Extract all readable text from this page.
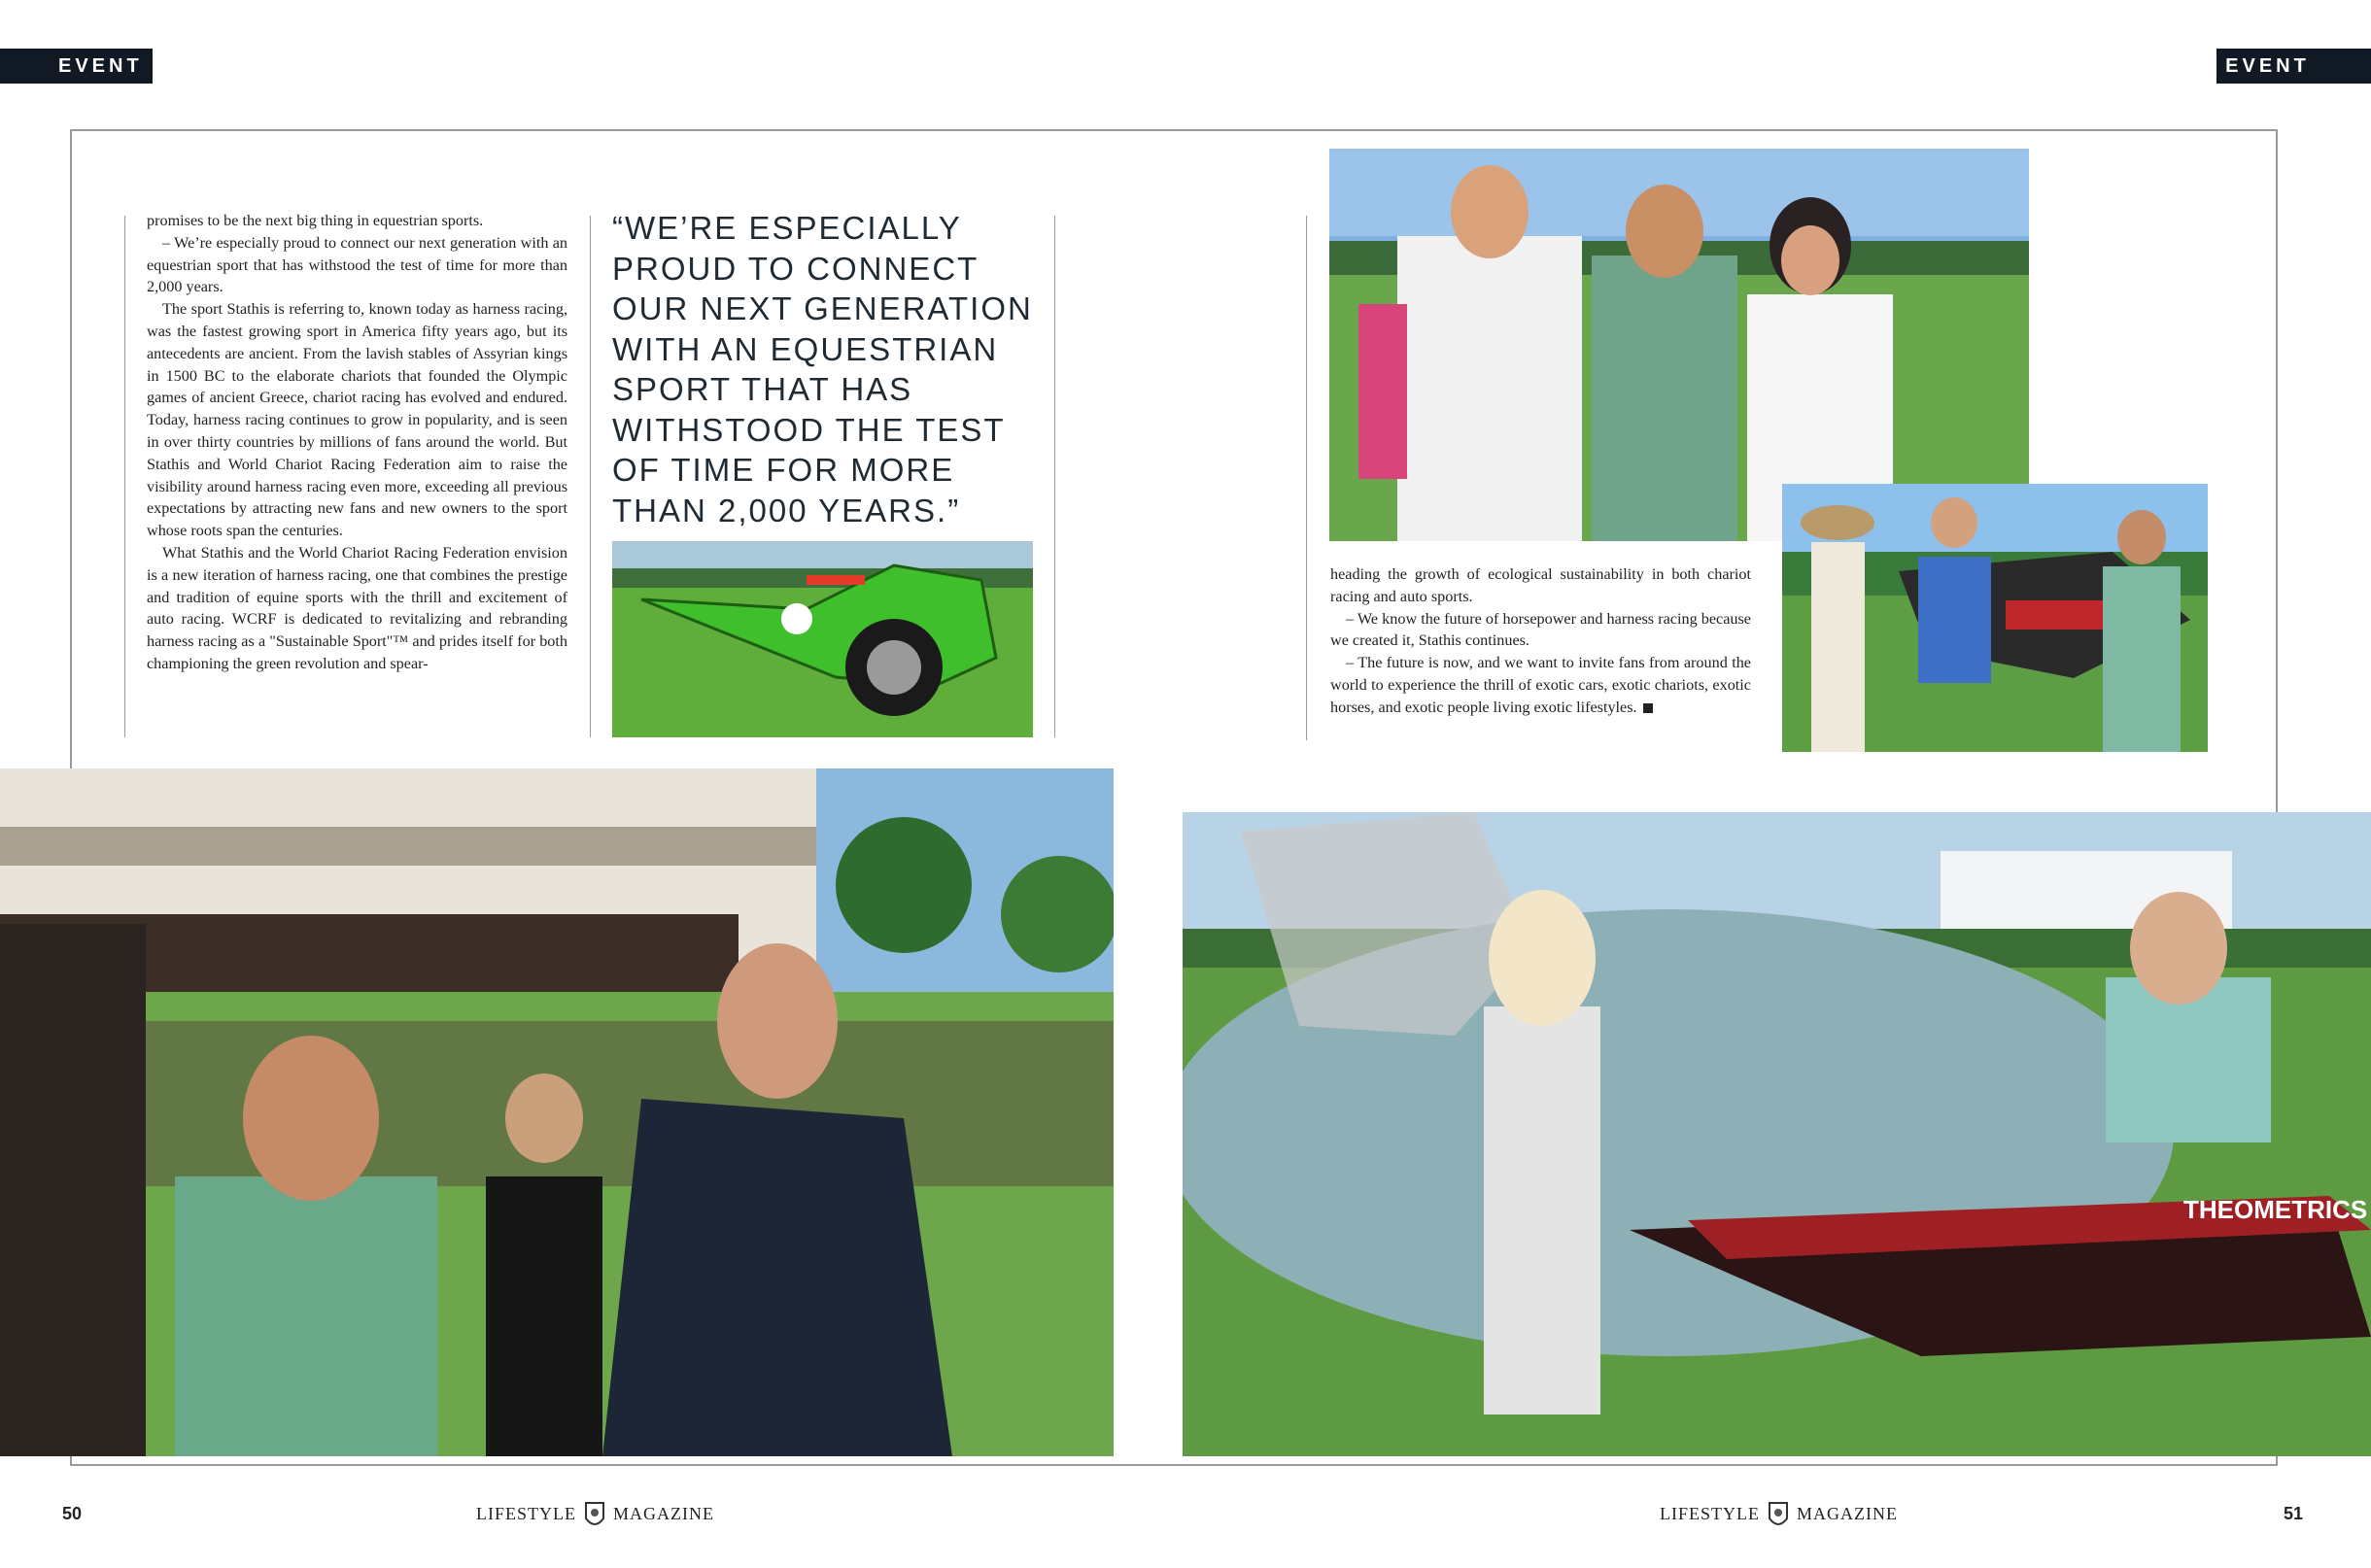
EVENT	EVENT

promises to be the next big thing in equestrian sports.

– We’re especially proud to connect our next generation with an equestrian sport that has withstood the test of time for more than 2,000 years.

The sport Stathis is referring to, known today as harness racing, was the fastest growing sport in America fifty years ago, but its antecedents are ancient. From the lavish stables of Assyrian kings in 1500 BC to the elaborate chariots that founded the Olympic games of ancient Greece, chariot racing has evolved and endured. Today, harness racing continues to grow in popularity, and is seen in over thirty countries by millions of fans around the world. But Stathis and World Chariot Racing Federation aim to raise the visibility around harness racing even more, exceeding all previous expectations by attracting new fans and new owners to the sport whose roots span the centuries.

What Stathis and the World Chariot Racing Federation envision is a new iteration of harness racing, one that combines the prestige and tradition of equine sports with the thrill and excitement of auto racing. WCRF is dedicated to revitalizing and rebranding harness racing as a "Sustainable Sport"™ and prides itself for both championing the green revolution and spear-

“WE’RE ESPECIALLY PROUD TO CONNECT OUR NEXT GENERATION WITH AN EQUESTRIAN SPORT THAT HAS WITHSTOOD THE TEST OF TIME FOR MORE THAN 2,000 YEARS.”

heading the growth of ecological sustainability in both chariot racing and auto sports.

– We know the future of horsepower and harness racing because we created it, Stathis continues.

– The future is now, and we want to invite fans from around the world to experience the thrill of exotic cars, exotic chariots, exotic horses, and exotic people living exotic lifestyles.

THEOMETRICS
50	LIFESTYLE MAGAZINE	LIFESTYLE MAGAZINE	51
